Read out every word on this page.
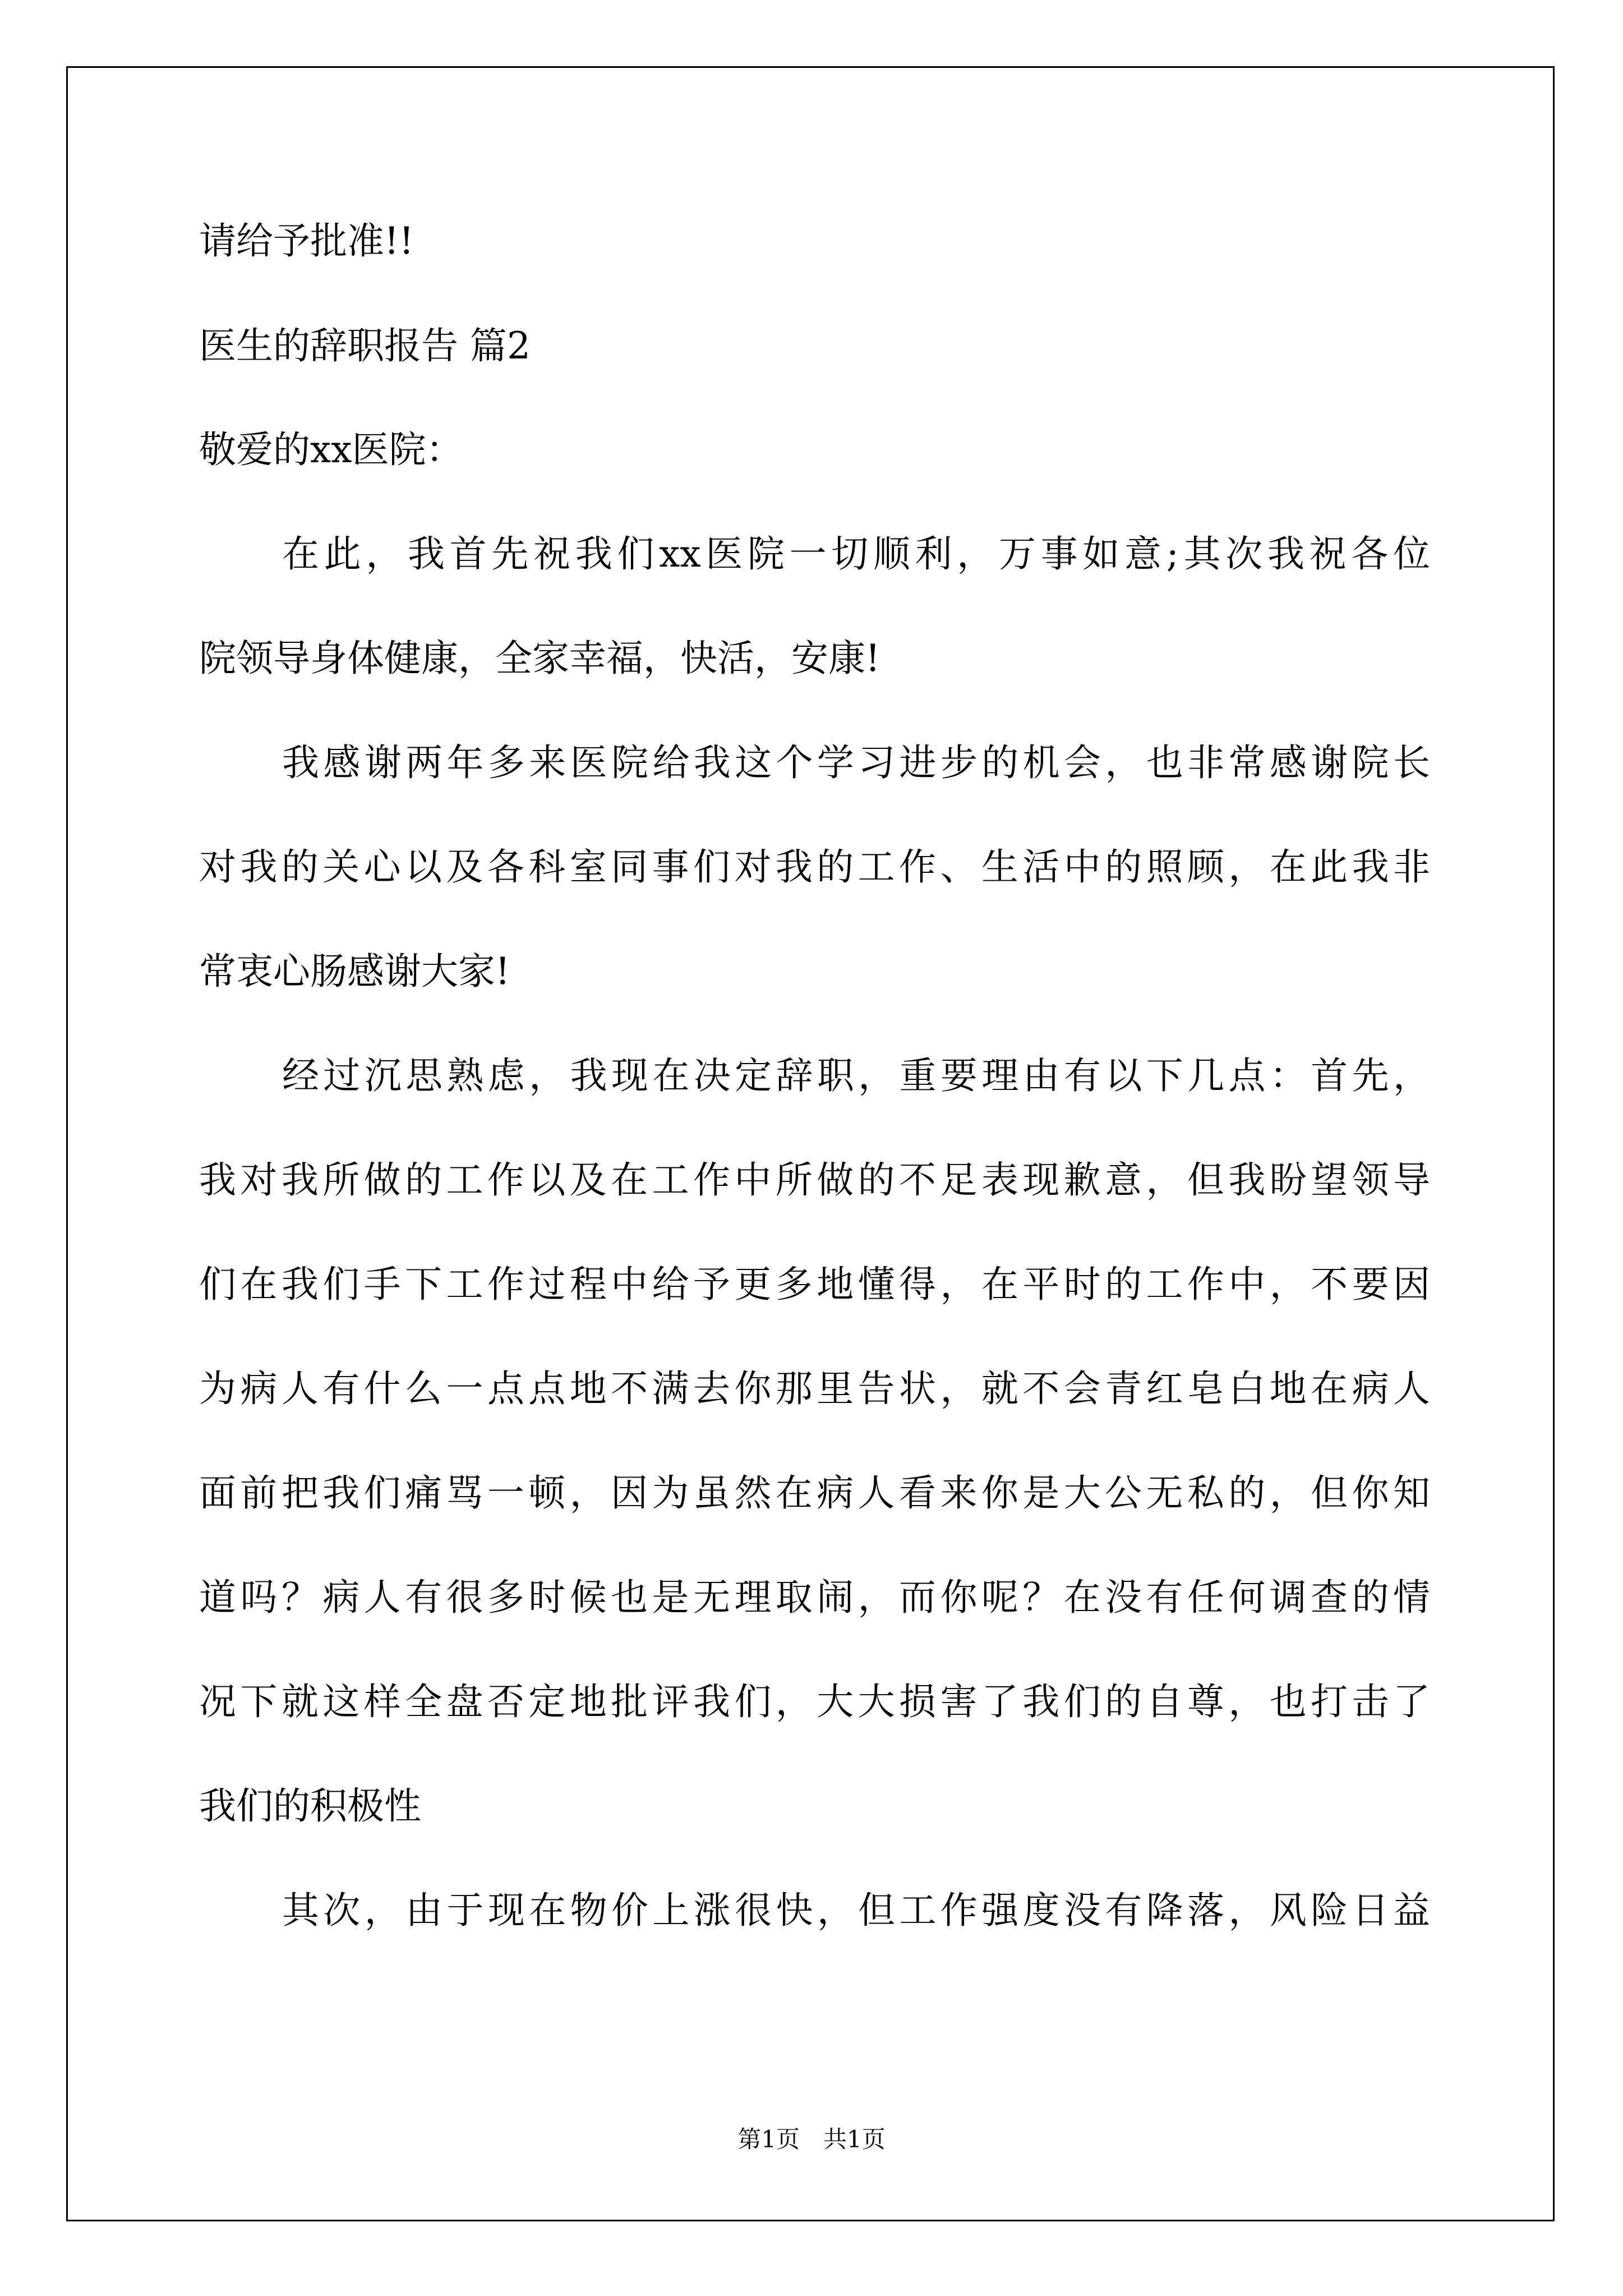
请给予批准!!
医生的辞职报告 篇2
敬爱的xx医院：
在此，我首先祝我们xx医院一切顺利，万事如意;其次我祝各位
院领导身体健康，全家幸福，快活，安康!
我感谢两年多来医院给我这个学习进步的机会，也非常感谢院长
对我的关心以及各科室同事们对我的工作、生活中的照顾，在此我非
常衷心肠感谢大家!
经过沉思熟虑，我现在决定辞职，重要理由有以下几点：首先，
我对我所做的工作以及在工作中所做的不足表现歉意，但我盼望领导
们在我们手下工作过程中给予更多地懂得，在平时的工作中，不要因
为病人有什么一点点地不满去你那里告状，就不会青红皂白地在病人
面前把我们痛骂一顿，因为虽然在病人看来你是大公无私的，但你知
道吗？病人有很多时候也是无理取闹，而你呢？在没有任何调查的情
况下就这样全盘否定地批评我们，大大损害了我们的自尊，也打击了
我们的积极性
其次，由于现在物价上涨很快，但工作强度没有降落，风险日益
第1页　共1页
